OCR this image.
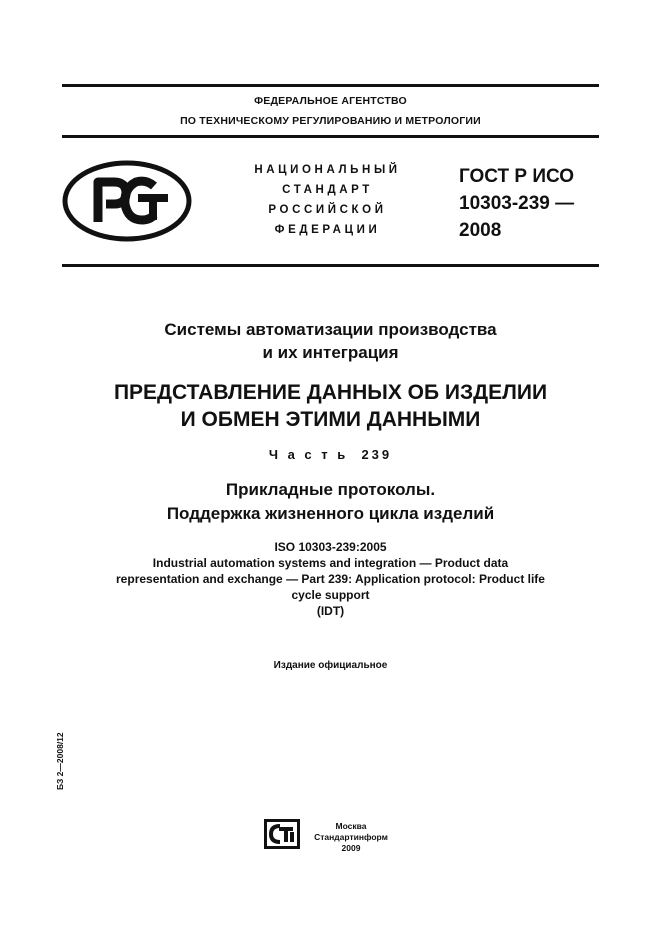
ФЕДЕРАЛЬНОЕ АГЕНТСТВО
ПО ТЕХНИЧЕСКОМУ РЕГУЛИРОВАНИЮ И МЕТРОЛОГИИ
НАЦИОНАЛЬНЫЙ
СТАНДАРТ
РОССИЙСКОЙ
ФЕДЕРАЦИИ
ГОСТ Р ИСО
10303-239 —
2008
Системы автоматизации производства
и их интеграция
ПРЕДСТАВЛЕНИЕ ДАННЫХ ОБ ИЗДЕЛИИ
И ОБМЕН ЭТИМИ ДАННЫМИ
Ч а с т ь  239
Прикладные протоколы.
Поддержка жизненного цикла изделий
ISO 10303-239:2005
Industrial automation systems and integration — Product data
representation and exchange — Part 239: Application protocol: Product life
cycle support
(IDT)
Издание официальное
БЗ 2—2008/12
Москва
Стандартинформ
2009
